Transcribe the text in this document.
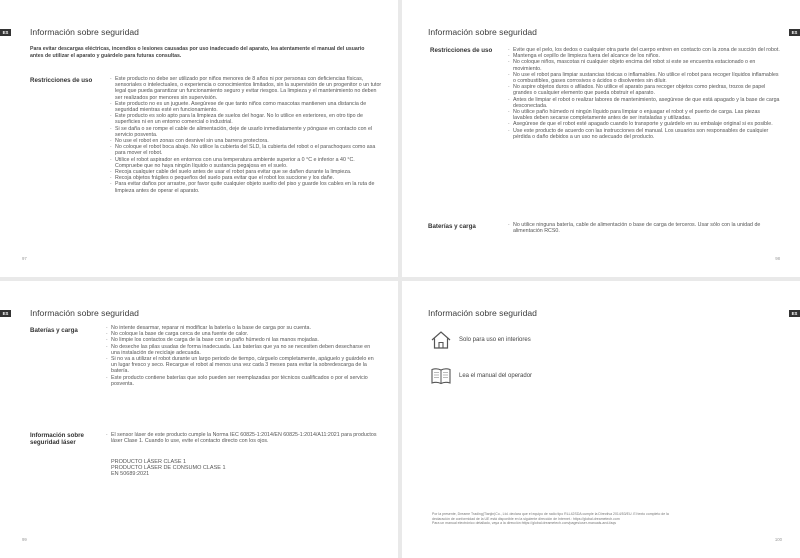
ES	Información sobre seguridad
Para evitar descargas eléctricas, incendios o lesiones causadas por uso inadecuado del aparato, lea atentamente el manual del usuario antes de utilizar el aparato y guárdelo para futuras consultas.
Restricciones de uso	· Este producto no debe ser utilizado por niños menores de 8 años ni por personas con deficiencias físicas, sensoriales o intelectuales, o experiencia o conocimientos limitados, sin la supervisión de un progenitor o un tutor legal que pueda garantizar un funcionamiento seguro y evitar riesgos. La limpieza y el mantenimiento no deben ser realizados por menores sin supervisión.
· Este producto no es un juguete. Asegúrese de que tanto niños como mascotas mantienen una distancia de seguridad mientras esté en funcionamiento.
· Este producto es solo apto para la limpieza de suelos del hogar. No lo utilice en exteriores, en otro tipo de superficies ni en un entorno comercial o industrial.
· Si se daña o se rompe el cable de alimentación, deje de usarlo inmediatamente y póngase en contacto con el servicio posventa.
· No use el robot en zonas con desnivel sin una barrera protectora.
· No coloque el robot boca abajo. No utilice la cubierta del SLD, la cubierta del robot o el parachoques como asa para mover el robot.
· Utilice el robot aspirador en entornos con una temperatura ambiente superior a 0 °C e inferior a 40 °C. Compruebe que no haya ningún líquido o sustancia pegajosa en el suelo.
· Recoja cualquier cable del suelo antes de usar el robot para evitar que se dañen durante la limpieza.
· Recoja objetos frágiles o pequeños del suelo para evitar que el robot los succione y los dañe.
· Para evitar daños por arrastre, por favor quite cualquier objeto suelto del piso y guarde los cables en la ruta de limpieza antes de operar el aparato.
97
ES
Información sobre seguridad
Restricciones de uso	· Evite que el pelo, los dedos o cualquier otra parte del cuerpo entren en contacto con la zona de succión del robot.
· Mantenga el cepillo de limpieza fuera del alcance de los niños.
· No coloque niños, mascotas ni cualquier objeto encima del robot si este se encuentra estacionado o en movimiento.
· No use el robot para limpiar sustancias tóxicas o inflamables. No utilice el robot para recoger líquidos inflamables o combustibles, gases corrosivos o ácidos o disolventes sin diluir.
· No aspire objetos duros o afilados. No utilice el aparato para recoger objetos como piedras, trozos de papel grandes o cualquier elemento que pueda obstruir el aparato.
· Antes de limpiar el robot o realizar labores de mantenimiento, asegúrese de que está apagado y la base de carga desconectada.
· No utilice paño húmedo ni ningún líquido para limpiar o enjuagar el robot y el puerto de carga. Las piezas lavables deben secarse completamente antes de ser instaladas y utilizadas.
· Asegúrese de que el robot esté apagado cuando lo transporte y guárdelo en su embalaje original si es posible.
· Use este producto de acuerdo con las instrucciones del manual. Los usuarios son responsables de cualquier pérdida o daño debidos a un uso no adecuado del producto.
Baterías y carga	· No utilice ninguna batería, cable de alimentación o base de carga de terceros. Usar sólo con la unidad de alimentación RCS0.
98
ES	Información sobre seguridad
Baterías y carga	· No intente desarmar, reparar ni modificar la batería o la base de carga por su cuenta.
· No coloque la base de carga cerca de una fuente de calor.
· No limpie los contactos de carga de la base con un paño húmedo ni las manos mojadas.
· No deseche las pilas usadas de forma inadecuada. Las baterías que ya no se necesiten deben desecharse en una instalación de reciclaje adecuada.
· Si no va a utilizar el robot durante un largo periodo de tiempo, cárguelo completamente, apáguelo y guárdelo en un lugar fresco y seco. Recargue el robot al menos una vez cada 3 meses para evitar la sobredescarga de la batería.
· Este producto contiene baterías que solo pueden ser reemplazadas por técnicos cualificados o por el servicio posventa.
Información sobre seguridad láser
· El sensor láser de este producto cumple la Norma IEC 60825-1:2014/EN 60825-1:2014/A11:2021 para productos láser Clase 1. Cuando lo use, evite el contacto directo con los ojos.
PRODUCTO LÁSER CLASE 1
PRODUCTO LÁSER DE CONSUMO CLASE 1
EN 50689:2021
99
ES
Información sobre seguridad
Solo para uso en interiores
Lea el manual del operador
Por la presente, Dreame Trading(Tianjin)Co., Ltd. declara que el equipo de radio tipo RLL42SDA cumple la Directiva 2014/53/EU. El texto completo de la
declaración de conformidad de la UE está disponible en la siguiente dirección de Internet.: https://global.dreametech.com
Para un manual electrónico detallado, vaya a la dirección:https://global.dreametech.com/pages/user-manuals-and-faqs
100
